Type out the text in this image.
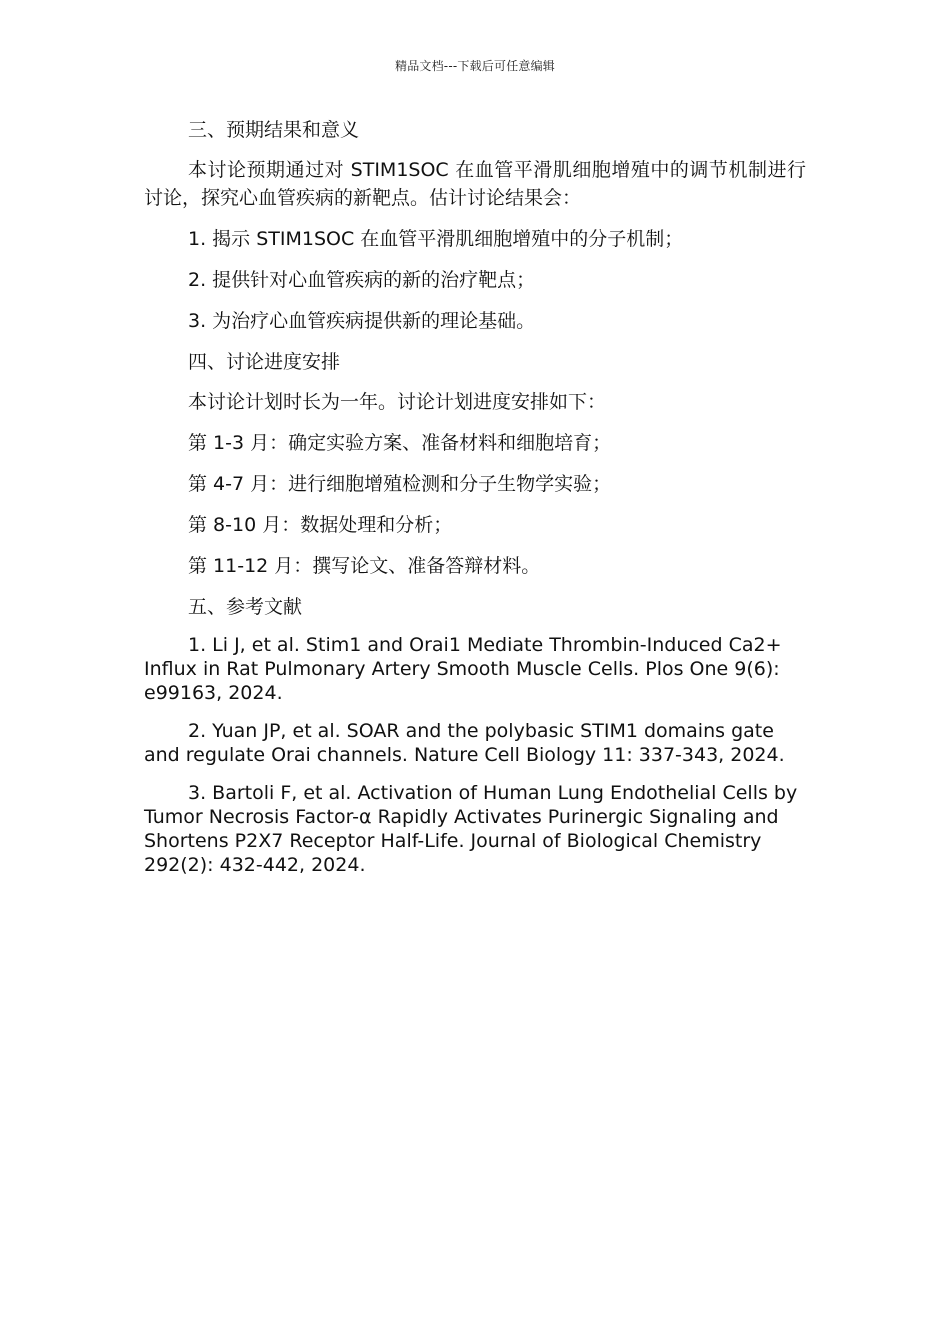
精品文档---下载后可任意编辑
三、预期结果和意义
本讨论预期通过对 STIM1SOC 在血管平滑肌细胞增殖中的调节机制进行讨论，探究心血管疾病的新靶点。估计讨论结果会：
1. 揭示 STIM1SOC 在血管平滑肌细胞增殖中的分子机制；
2. 提供针对心血管疾病的新的治疗靶点；
3. 为治疗心血管疾病提供新的理论基础。
四、讨论进度安排
本讨论计划时长为一年。讨论计划进度安排如下：
第 1-3 月：确定实验方案、准备材料和细胞培育；
第 4-7 月：进行细胞增殖检测和分子生物学实验；
第 8-10 月：数据处理和分析；
第 11-12 月：撰写论文、准备答辩材料。
五、参考文献
1. Li J, et al. Stim1 and Orai1 Mediate Thrombin-Induced Ca2+ Influx in Rat Pulmonary Artery Smooth Muscle Cells. Plos One 9(6): e99163, 2024.
2. Yuan JP, et al. SOAR and the polybasic STIM1 domains gate and regulate Orai channels. Nature Cell Biology 11: 337-343, 2024.
3. Bartoli F, et al. Activation of Human Lung Endothelial Cells by Tumor Necrosis Factor-α Rapidly Activates Purinergic Signaling and Shortens P2X7 Receptor Half-Life. Journal of Biological Chemistry 292(2): 432-442, 2024.
